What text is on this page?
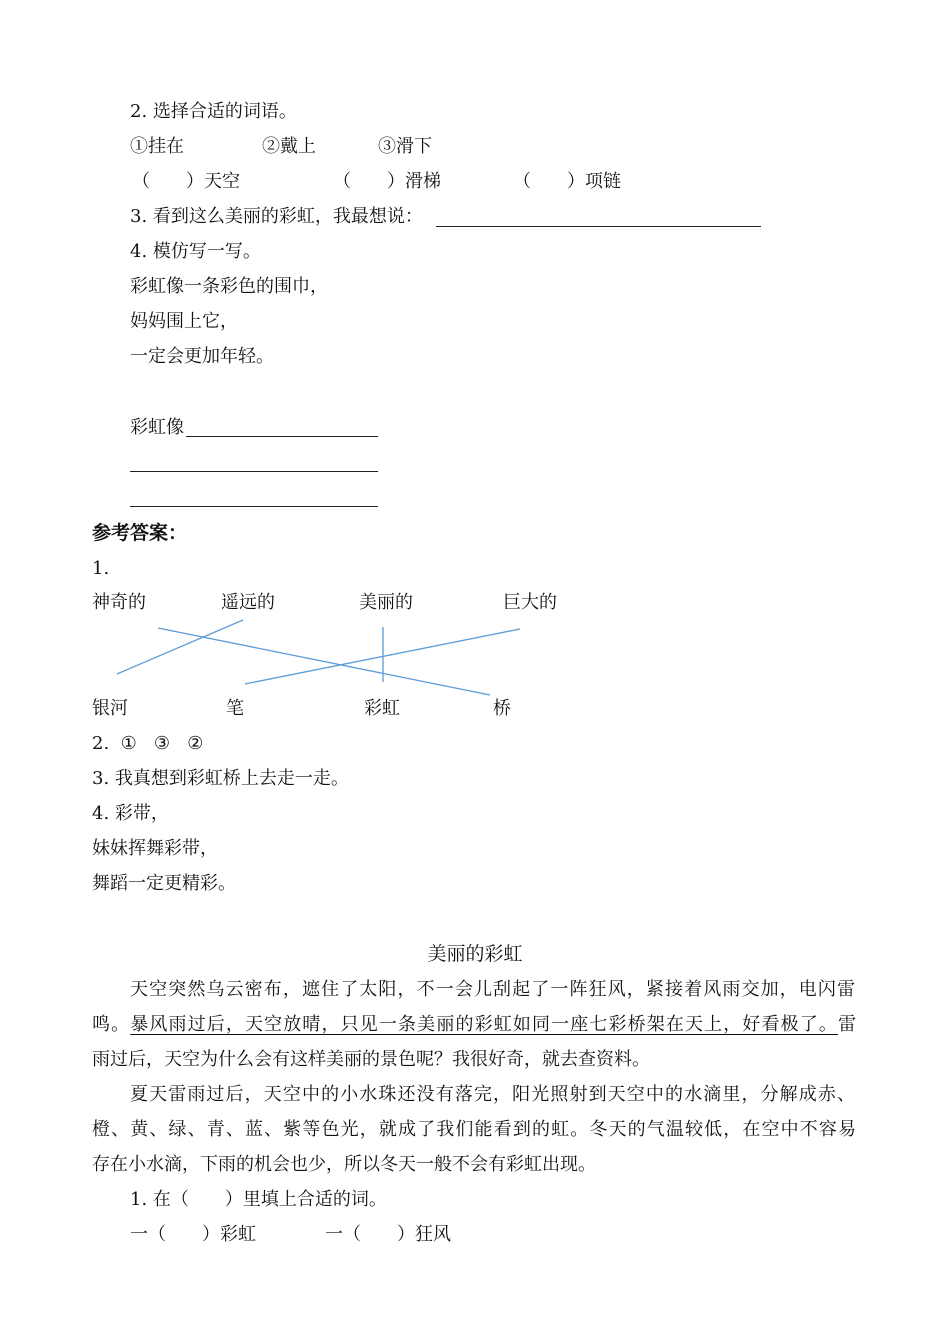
2. 选择合适的词语。
①挂在	②戴上	③滑下
（　　）天空	（　　）滑梯	（　　）项链
3. 看到这么美丽的彩虹，我最想说：
4. 模仿写一写。
彩虹像一条彩色的围巾，
妈妈围上它，
一定会更加年轻。
彩虹像
参考答案：
1.
神奇的	遥远的	美丽的	巨大的
银河	笔	彩虹	桥
2.  ①   ③   ②
3. 我真想到彩虹桥上去走一走。
4. 彩带，
妹妹挥舞彩带，
舞蹈一定更精彩。
美丽的彩虹
天空突然乌云密布，遮住了太阳，不一会儿刮起了一阵狂风，紧接着风雨交加，电闪雷
鸣。暴风雨过后，天空放晴，只见一条美丽的彩虹如同一座七彩桥架在天上，好看极了。雷
雨过后，天空为什么会有这样美丽的景色呢？我很好奇，就去查资料。
夏天雷雨过后，天空中的小水珠还没有落完，阳光照射到天空中的水滴里，分解成赤、
橙、黄、绿、青、蓝、紫等色光，就成了我们能看到的虹。冬天的气温较低，在空中不容易
存在小水滴，下雨的机会也少，所以冬天一般不会有彩虹出现。
1. 在（　　）里填上合适的词。
一（　　）彩虹	一（　　）狂风
